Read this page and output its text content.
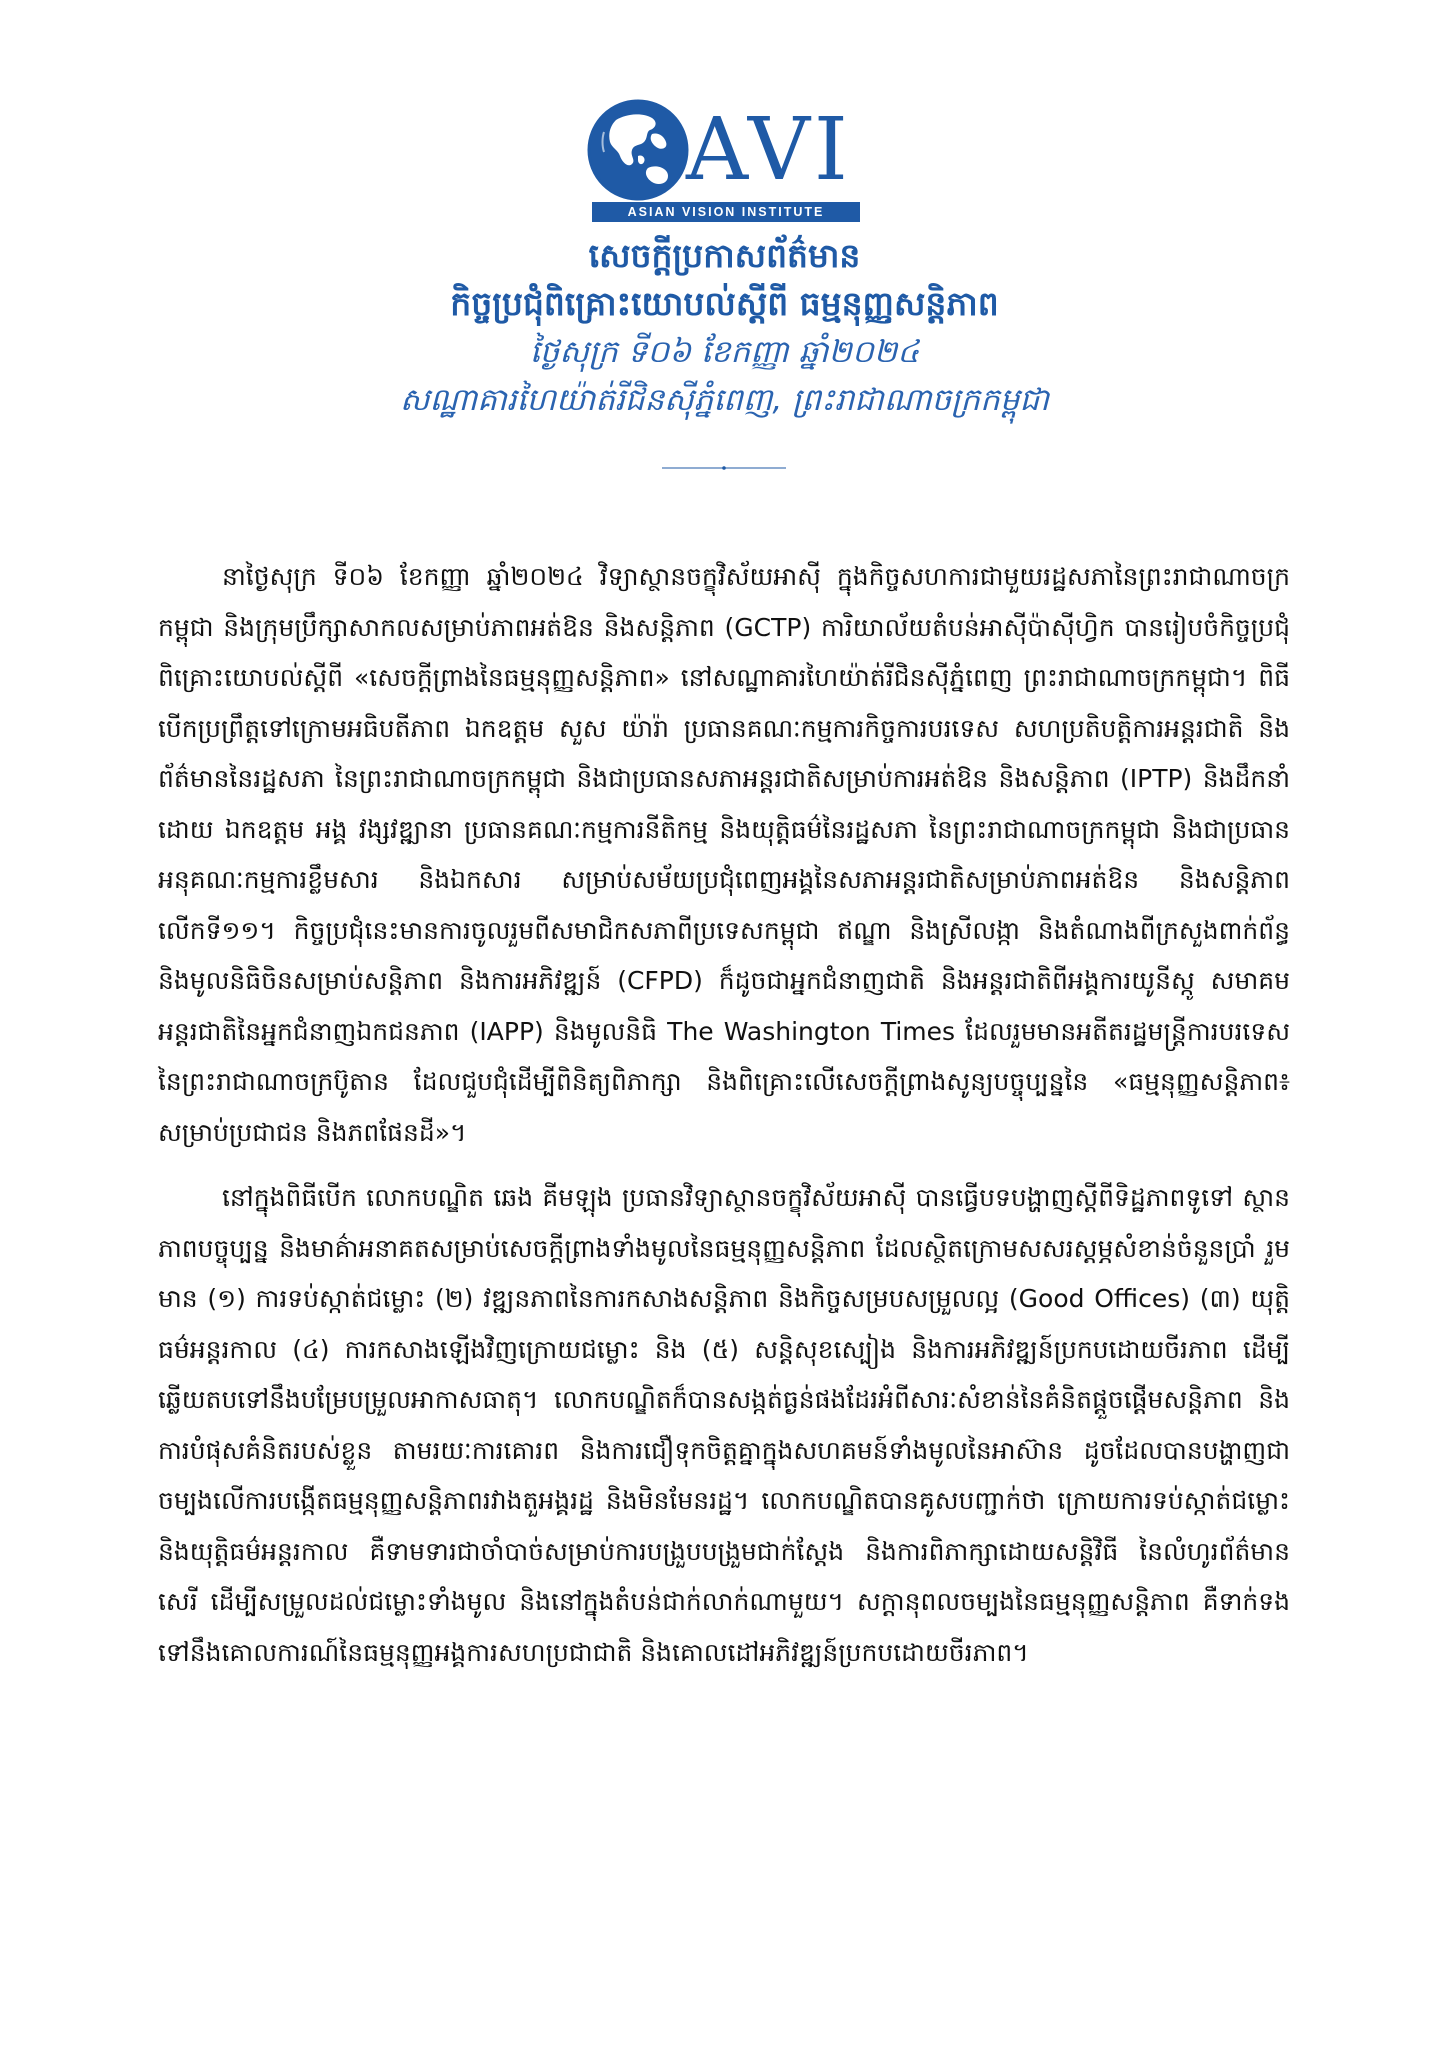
AVI
ASIAN VISION INSTITUTE
សេចក្ដីប្រកាសព័ត៌មាន
កិច្ចប្រជុំពិគ្រោះយោបល់ស្ដីពី ធម្មនុញ្ញសន្តិភាព
ថ្ងៃសុក្រ ទី០៦ ខែកញ្ញា ឆ្នាំ២០២៤
សណ្ឋាគារហៃយ៉ាត់រីជិនស៊ីភ្នំពេញ, ព្រះរាជាណាចក្រកម្ពុជា

នាថ្ងៃសុក្រ ទី០៦ ខែកញ្ញា ឆ្នាំ២០២៤ វិទ្យាស្ថានចក្ខុវិស័យអាស៊ី ក្នុងកិច្ចសហការជាមួយរដ្ឋសភានៃព្រះរាជាណាចក្រកម្ពុជា និងក្រុមប្រឹក្សាសាកលសម្រាប់ភាពអត់ឱន និងសន្តិភាព (GCTP) ការិយាល័យតំបន់អាស៊ីប៉ាស៊ីហ្វិក បានរៀបចំកិច្ចប្រជុំពិគ្រោះយោបល់ស្ដីពី «សេចក្ដីព្រាងនៃធម្មនុញ្ញសន្តិភាព» នៅសណ្ឋាគារហៃយ៉ាត់រីជិនស៊ីភ្នំពេញ ព្រះរាជាណាចក្រកម្ពុជា។ ពិធីបើកប្រព្រឹត្តទៅក្រោមអធិបតីភាព ឯកឧត្តម សួស យ៉ារ៉ា ប្រធានគណៈកម្មការកិច្ចការបរទេស សហប្រតិបត្តិការអន្តរជាតិ និងព័ត៌មាននៃរដ្ឋសភា នៃព្រះរាជាណាចក្រកម្ពុជា និងជាប្រធានសភាអន្តរជាតិសម្រាប់ការអត់ឱន និងសន្តិភាព (IPTP) និងដឹកនាំដោយ ឯកឧត្តម អង្គ វង្សវឌ្ឍានា ប្រធានគណៈកម្មការនីតិកម្ម និងយុត្តិធម៌នៃរដ្ឋសភា នៃព្រះរាជាណាចក្រកម្ពុជា និងជាប្រធានអនុគណៈកម្មការខ្លឹមសារ និងឯកសារ សម្រាប់សម័យប្រជុំពេញអង្គនៃសភាអន្តរជាតិសម្រាប់ភាពអត់ឱន និងសន្តិភាព លើកទី១១។ កិច្ចប្រជុំនេះមានការចូលរួមពីសមាជិកសភាពីប្រទេសកម្ពុជា ឥណ្ឌា និងស្រីលង្កា និងតំណាងពីក្រសួងពាក់ព័ន្ធ និងមូលនិធិចិនសម្រាប់សន្តិភាព និងការអភិវឌ្ឍន៍ (CFPD) ក៏ដូចជាអ្នកជំនាញជាតិ និងអន្តរជាតិពីអង្គការយូនីស្កូ សមាគមអន្តរជាតិនៃអ្នកជំនាញឯកជនភាព (IAPP) និងមូលនិធិ The Washington Times ដែលរួមមានអតីតរដ្ឋមន្ត្រីការបរទេសនៃព្រះរាជាណាចក្រប៊ូតាន ដែលជួបជុំដើម្បីពិនិត្យពិភាក្សា និងពិគ្រោះលើសេចក្ដីព្រាងសូន្យបច្ចុប្បន្ននៃ «ធម្មនុញ្ញសន្តិភាព៖ សម្រាប់ប្រជាជន និងភពផែនដី»។

នៅក្នុងពិធីបើក លោកបណ្ឌិត ឆេង គីមឡុង ប្រធានវិទ្យាស្ថានចក្ខុវិស័យអាស៊ី បានធ្វើបទបង្ហាញស្ដីពីទិដ្ឋភាពទូទៅ ស្ថានភាពបច្ចុប្បន្ន និងមាគ៌ាអនាគតសម្រាប់សេចក្ដីព្រាងទាំងមូលនៃធម្មនុញ្ញសន្តិភាព ដែលស្ថិតក្រោមសសរស្ដម្ភសំខាន់ចំនួនប្រាំ រួមមាន (១) ការទប់ស្កាត់ជម្លោះ (២) វឌ្ឍនភាពនៃការកសាងសន្តិភាព និងកិច្ចសម្របសម្រួលល្អ (Good Offices) (៣) យុត្តិធម៌អន្តរកាល (៤) ការកសាងឡើងវិញក្រោយជម្លោះ និង (៥) សន្តិសុខស្បៀង និងការអភិវឌ្ឍន៍ប្រកបដោយចីរភាព ដើម្បីឆ្លើយតបទៅនឹងបម្រែបម្រួលអាកាសធាតុ។ លោកបណ្ឌិតក៏បានសង្កត់ធ្ងន់ផងដែរអំពីសារៈសំខាន់នៃគំនិតផ្ដួចផ្ដើមសន្តិភាព និងការបំផុសគំនិតរបស់ខ្លួន តាមរយៈការគោរព និងការជឿទុកចិត្តគ្នាក្នុងសហគមន៍ទាំងមូលនៃអាស៊ាន ដូចដែលបានបង្ហាញជាចម្បងលើការបង្កើតធម្មនុញ្ញសន្តិភាពរវាងតួអង្គរដ្ឋ និងមិនមែនរដ្ឋ។ លោកបណ្ឌិតបានគូសបញ្ជាក់ថា ក្រោយការទប់ស្កាត់ជម្លោះ និងយុត្តិធម៌អន្តរកាល គឺទាមទារជាចាំបាច់សម្រាប់ការបង្រួបបង្រួមជាក់ស្ដែង និងការពិភាក្សាដោយសន្តិវិធី នៃលំហូរព័ត៌មានសេរី ដើម្បីសម្រួលដល់ជម្លោះទាំងមូល និងនៅក្នុងតំបន់ជាក់លាក់ណាមួយ។ សក្ដានុពលចម្បងនៃធម្មនុញ្ញសន្តិភាព គឺទាក់ទងទៅនឹងគោលការណ៍នៃធម្មនុញ្ញអង្គការសហប្រជាជាតិ និងគោលដៅអភិវឌ្ឍន៍ប្រកបដោយចីរភាព។
